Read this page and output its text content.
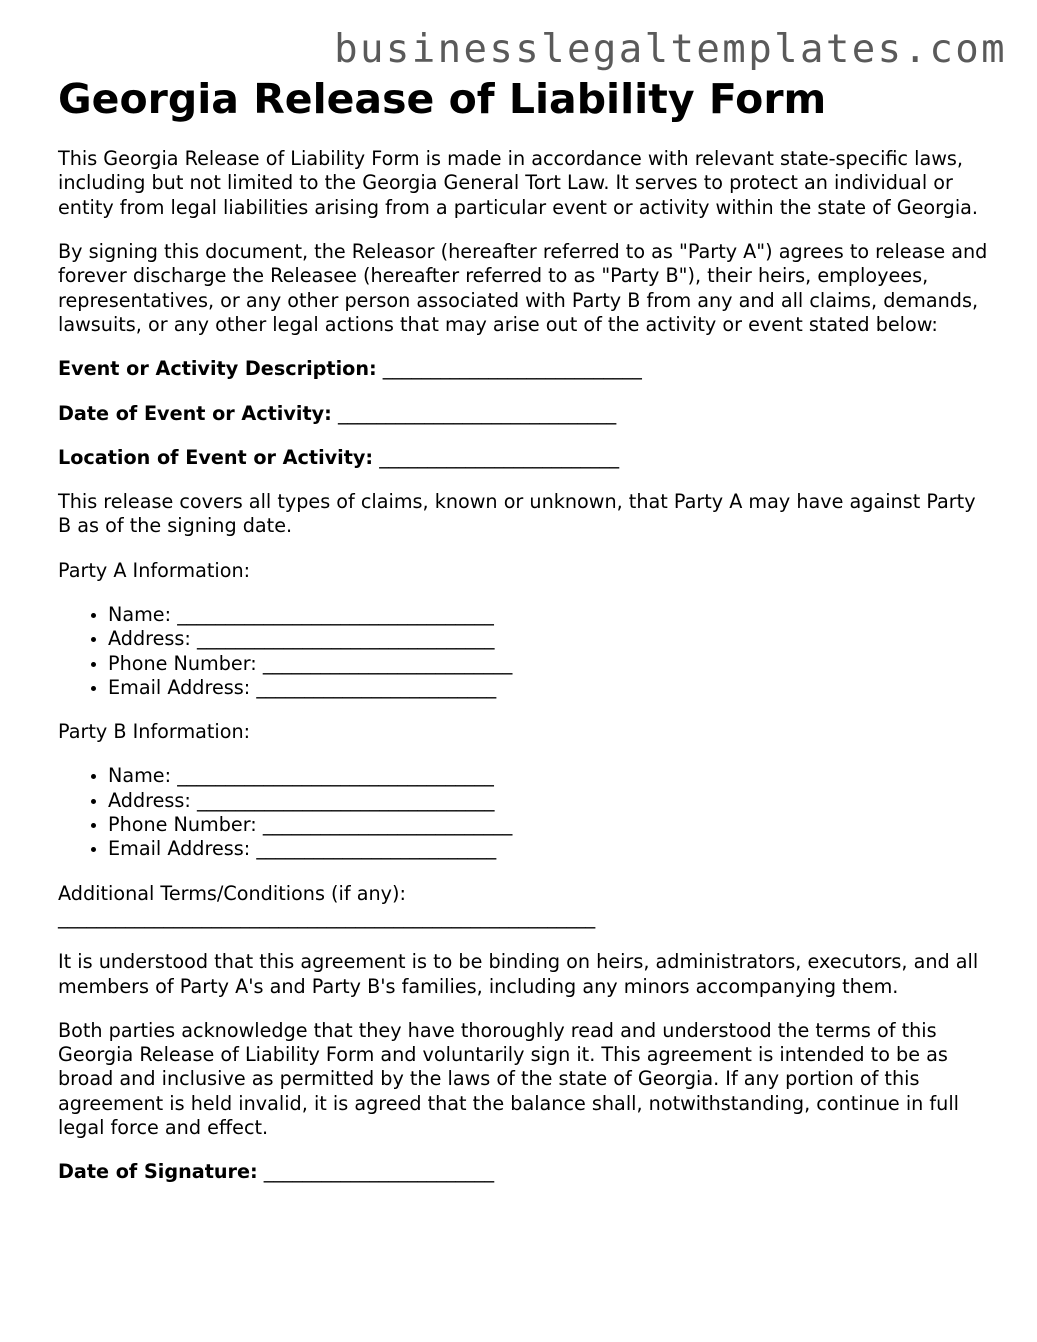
businesslegaltemplates.com
Georgia Release of Liability Form

This Georgia Release of Liability Form is made in accordance with relevant state-specific laws, including but not limited to the Georgia General Tort Law. It serves to protect an individual or entity from legal liabilities arising from a particular event or activity within the state of Georgia.

By signing this document, the Releasor (hereafter referred to as "Party A") agrees to release and forever discharge the Releasee (hereafter referred to as "Party B"), their heirs, employees, representatives, or any other person associated with Party B from any and all claims, demands, lawsuits, or any other legal actions that may arise out of the activity or event stated below:

Event or Activity Description: ___________________________

Date of Event or Activity: _____________________________

Location of Event or Activity: _________________________

This release covers all types of claims, known or unknown, that Party A may have against Party B as of the signing date.

Party A Information:

• Name: _________________________________
• Address: _______________________________
• Phone Number: __________________________
• Email Address: _________________________

Party B Information:

• Name: _________________________________
• Address: _______________________________
• Phone Number: __________________________
• Email Address: _________________________

Additional Terms/Conditions (if any):
________________________________________________________

It is understood that this agreement is to be binding on heirs, administrators, executors, and all members of Party A's and Party B's families, including any minors accompanying them.

Both parties acknowledge that they have thoroughly read and understood the terms of this Georgia Release of Liability Form and voluntarily sign it. This agreement is intended to be as broad and inclusive as permitted by the laws of the state of Georgia. If any portion of this agreement is held invalid, it is agreed that the balance shall, notwithstanding, continue in full legal force and effect.

Date of Signature: ________________________
